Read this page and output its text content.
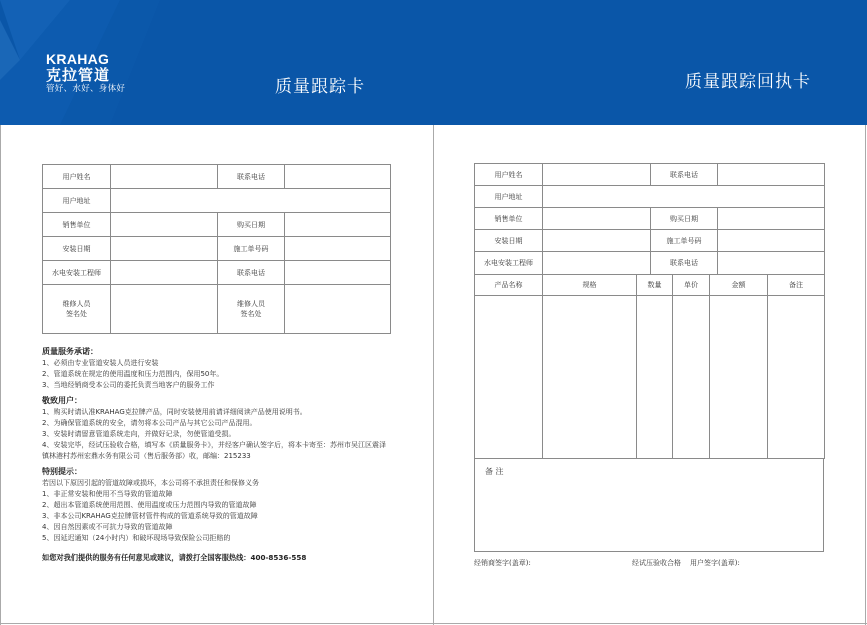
KRAHAG
克拉管道
管好、水好、身体好	质量跟踪卡	质量跟踪回执卡
用户姓名		联系电话	
用户地址			
销售单位		购买日期	
安装日期		施工单号码	
水电安装工程师		联系电话	
维修人员
签名处		维修人员
签名处	
质量服务承诺：
1、必须由专业管道安装人员进行安装
2、管道系统在规定的使用温度和压力范围内，保用50年。
3、当地经销商受本公司的委托负责当地客户的服务工作
敬致用户：
1、购买时请认准KRAHAG克拉牌产品，同时安装使用前请详细阅读产品使用说明书。
2、为确保管道系统的安全，请勿将本公司产品与其它公司产品混用。
3、安装时请留意管道系统走向，并做好记录，勿使管道受损。
4、安装完毕，经试压验收合格，填写本《质量服务卡》，并经客户确认签字后，将本卡寄至：苏州市吴江区震泽镇林港村苏州宏鼎水务有限公司（售后服务部）收，邮编：215233
特别提示：
若因以下原因引起的管道故障或损坏，本公司将不承担责任和保修义务
1、非正常安装和使用不当导致的管道故障
2、超出本管道系统使用范围、使用温度或压力范围内导致的管道故障
3、非本公司KRAHAG克拉牌管材管件构成的管道系统导致的管道故障
4、因自然因素或不可抗力导致的管道故障
5、因延迟通知（24小时内）和破坏现场导致保险公司拒赔的
如您对我们提供的服务有任何意见或建议，请拨打全国客服热线：400-8536-558
用户姓名		联系电话	
用户地址			
销售单位		购买日期	
安装日期		施工单号码	
水电安装工程师		联系电话	
产品名称	规格	数量	单价	金额	备注

备 注
经销商签字(盖章):	经试压验收合格 用户签字(盖章):
